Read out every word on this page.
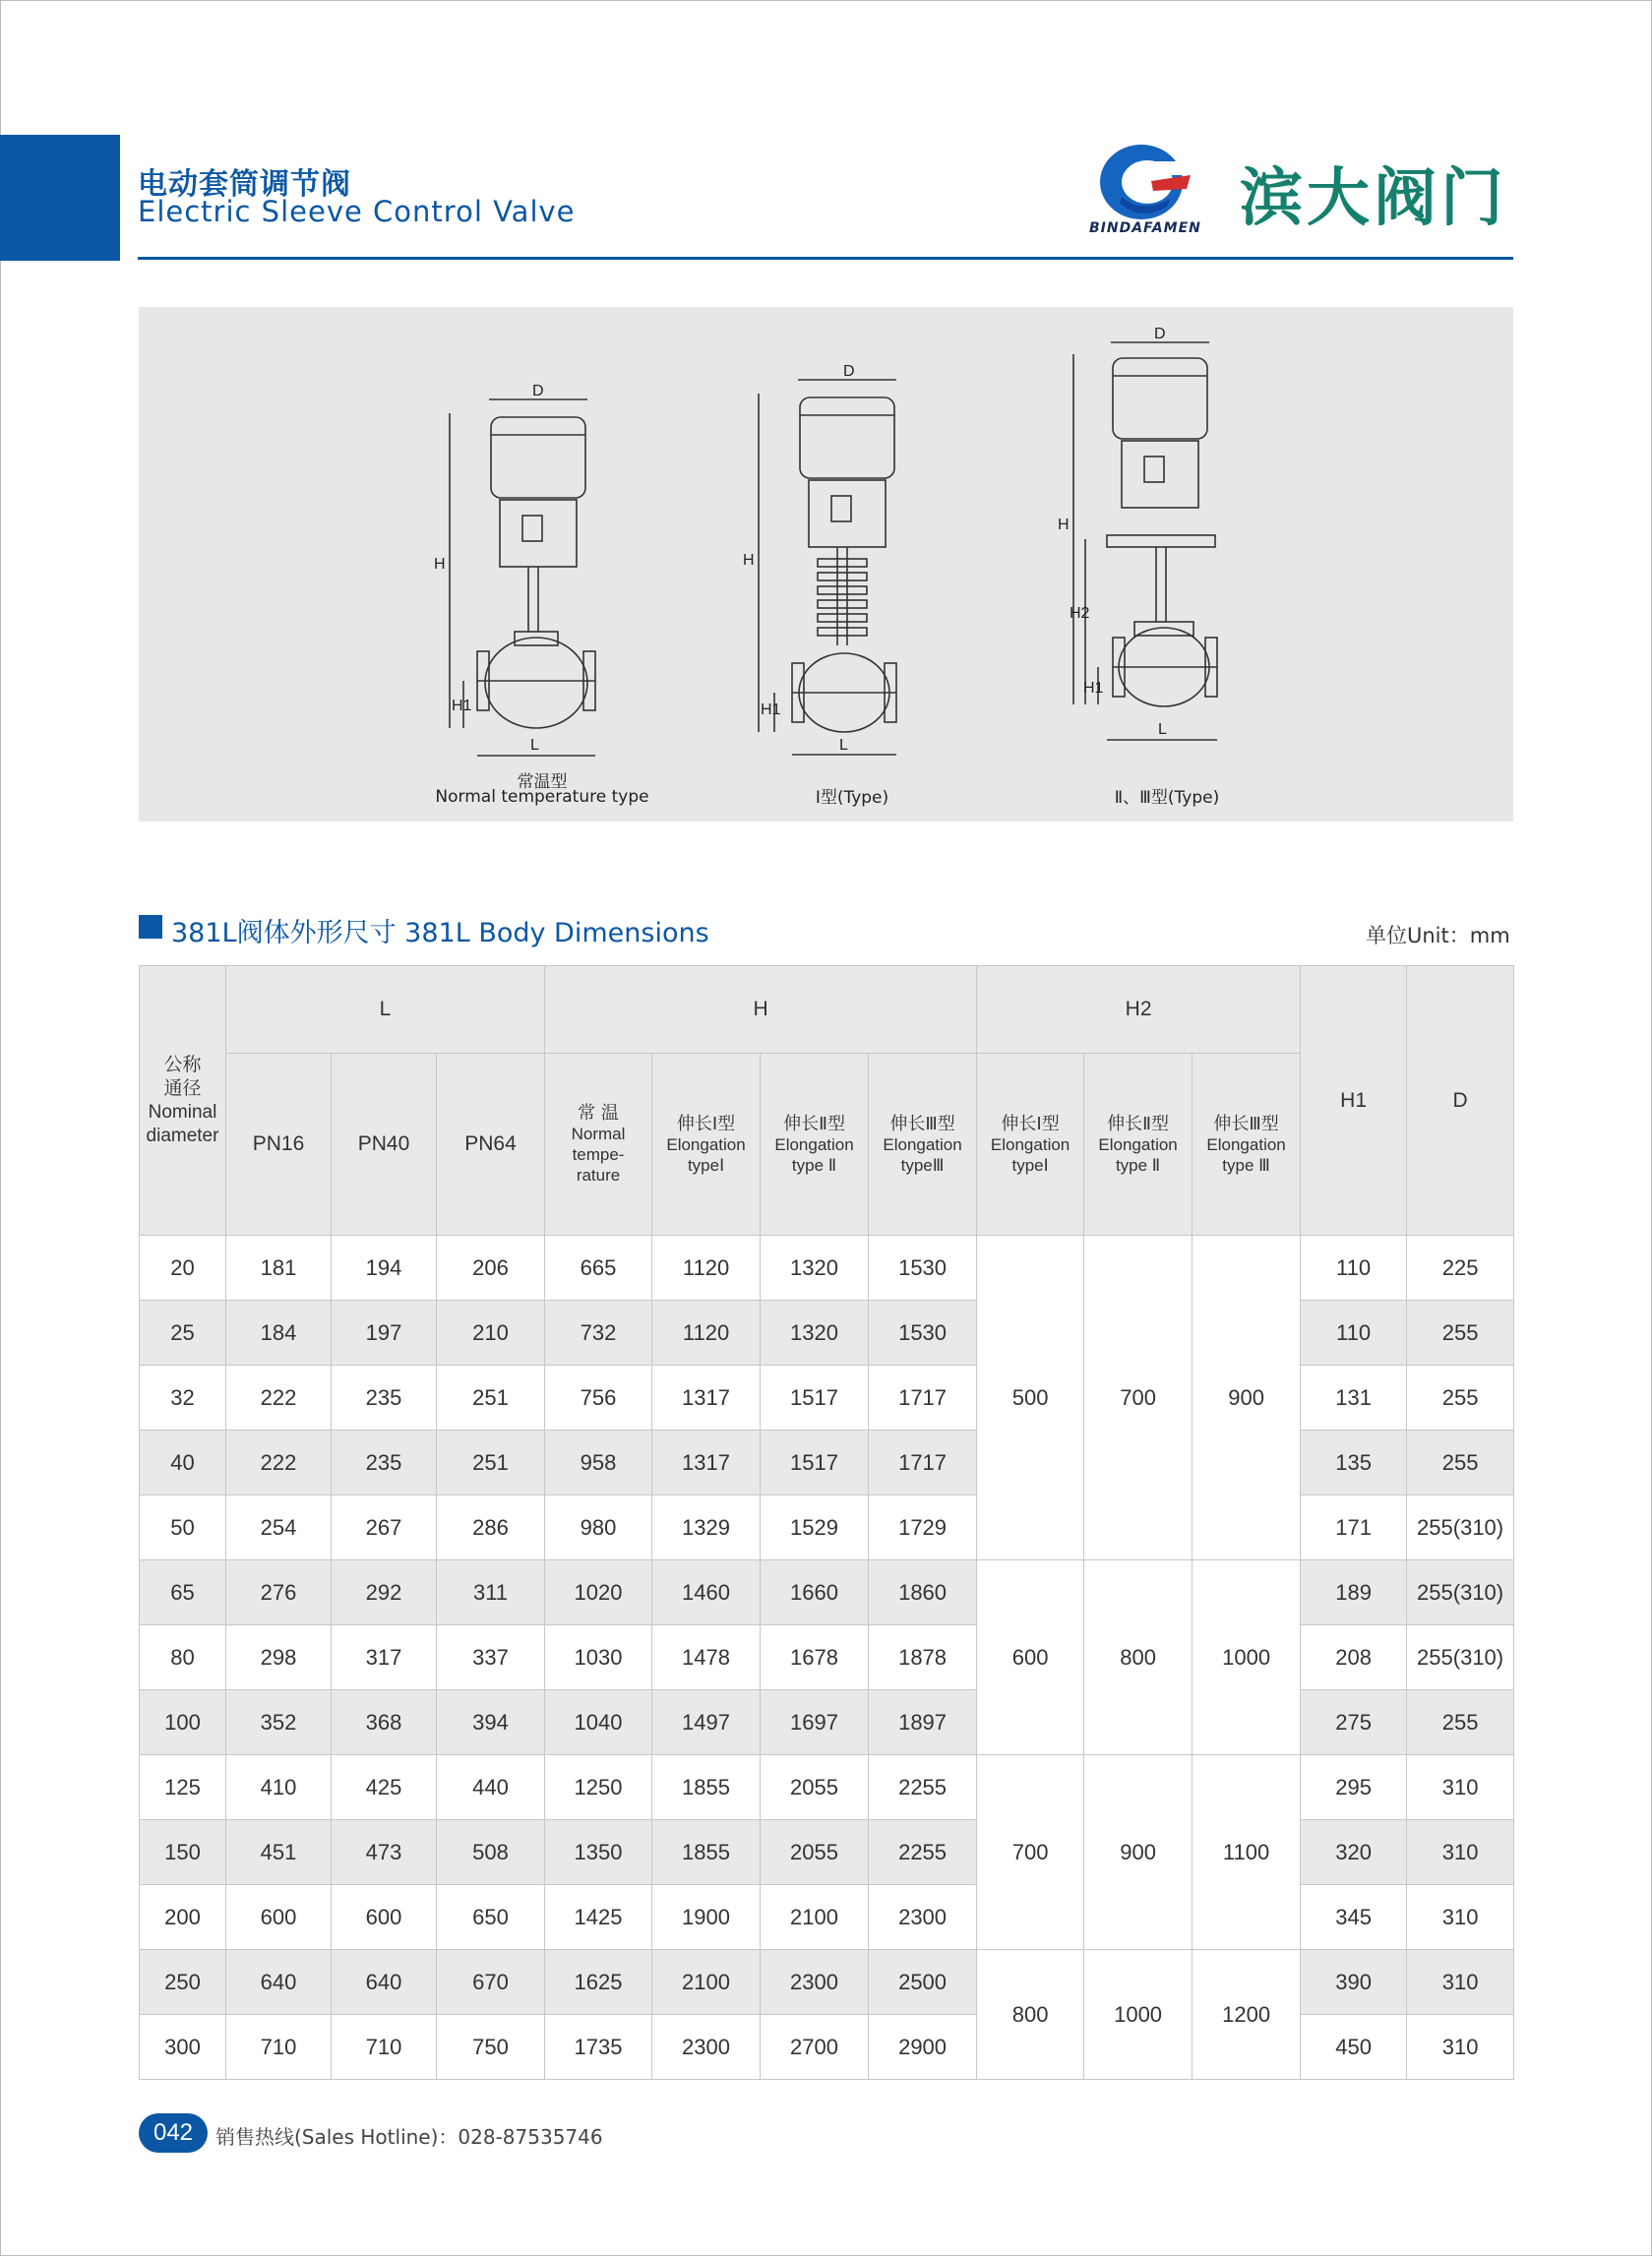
电动套筒调节阀
Electric Sleeve Control Valve	BINDAFAMEN 滨大阀门
D
H
H1
L
D
H
H1
L
D
H
H2
H1
L
常温型
Normal temperature type	Ⅰ型(Type)	Ⅱ、Ⅲ型(Type)
381L阀体外形尺寸 381L Body Dimensions	单位Unit：mm
公称
通径
Nominal
diameter	L			H				H2			H1	D
	PN16	PN40	PN64	常 温
Normal
tempe-
rature	伸长Ⅰ型
Elongation
typeⅠ	伸长Ⅱ型
Elongation
type Ⅱ	伸长Ⅲ型
Elongation
typeⅢ	伸长Ⅰ型
Elongation
typeⅠ	伸长Ⅱ型
Elongation
type Ⅱ	伸长Ⅲ型
Elongation
type Ⅲ		
20	181	194	206	665	1120	1320	1530	500	700	900	110	225
25	184	197	210	732	1120	1320	1530				110	255
32	222	235	251	756	1317	1517	1717				131	255
40	222	235	251	958	1317	1517	1717				135	255
50	254	267	286	980	1329	1529	1729				171	255(310)
65	276	292	311	1020	1460	1660	1860	600	800	1000	189	255(310)
80	298	317	337	1030	1478	1678	1878				208	255(310)
100	352	368	394	1040	1497	1697	1897				275	255
125	410	425	440	1250	1855	2055	2255	700	900	1100	295	310
150	451	473	508	1350	1855	2055	2255				320	310
200	600	600	650	1425	1900	2100	2300				345	310
250	640	640	670	1625	2100	2300	2500	800	1000	1200	390	310
300	710	710	750	1735	2300	2700	2900				450	310
042	销售热线(Sales Hotline)：028-87535746
